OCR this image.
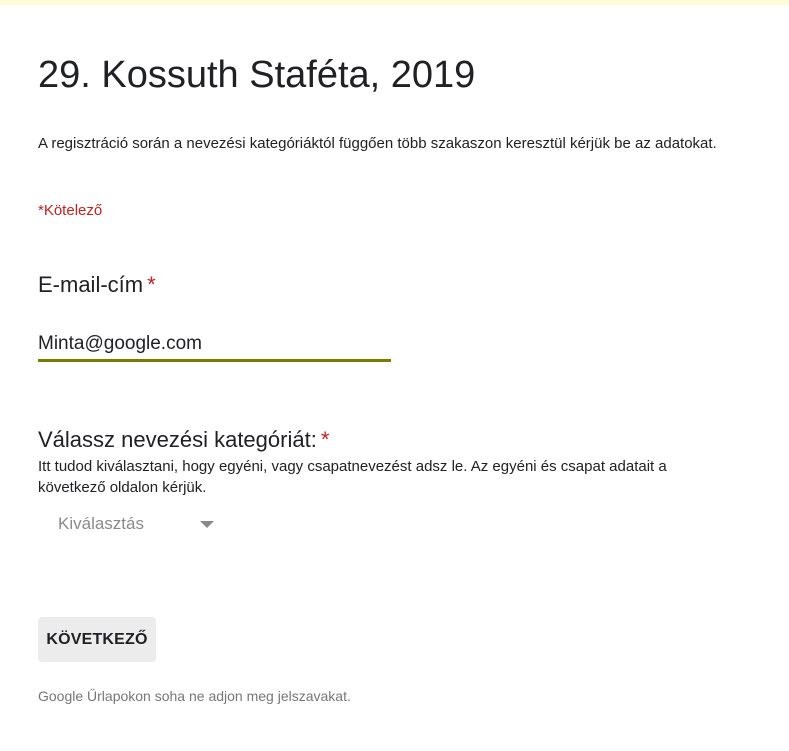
29. Kossuth Staféta, 2019
A regisztráció során a nevezési kategóriáktól függően több szakaszon keresztül kérjük be az adatokat.
*Kötelező
E-mail-cím *
Minta@google.com
Válassz nevezési kategóriát: *
Itt tudod kiválasztani, hogy egyéni, vagy csapatnevezést adsz le. Az egyéni és csapat adatait a következő oldalon kérjük.
Kiválasztás
KÖVETKEZŐ
Google Űrlapokon soha ne adjon meg jelszavakat.
